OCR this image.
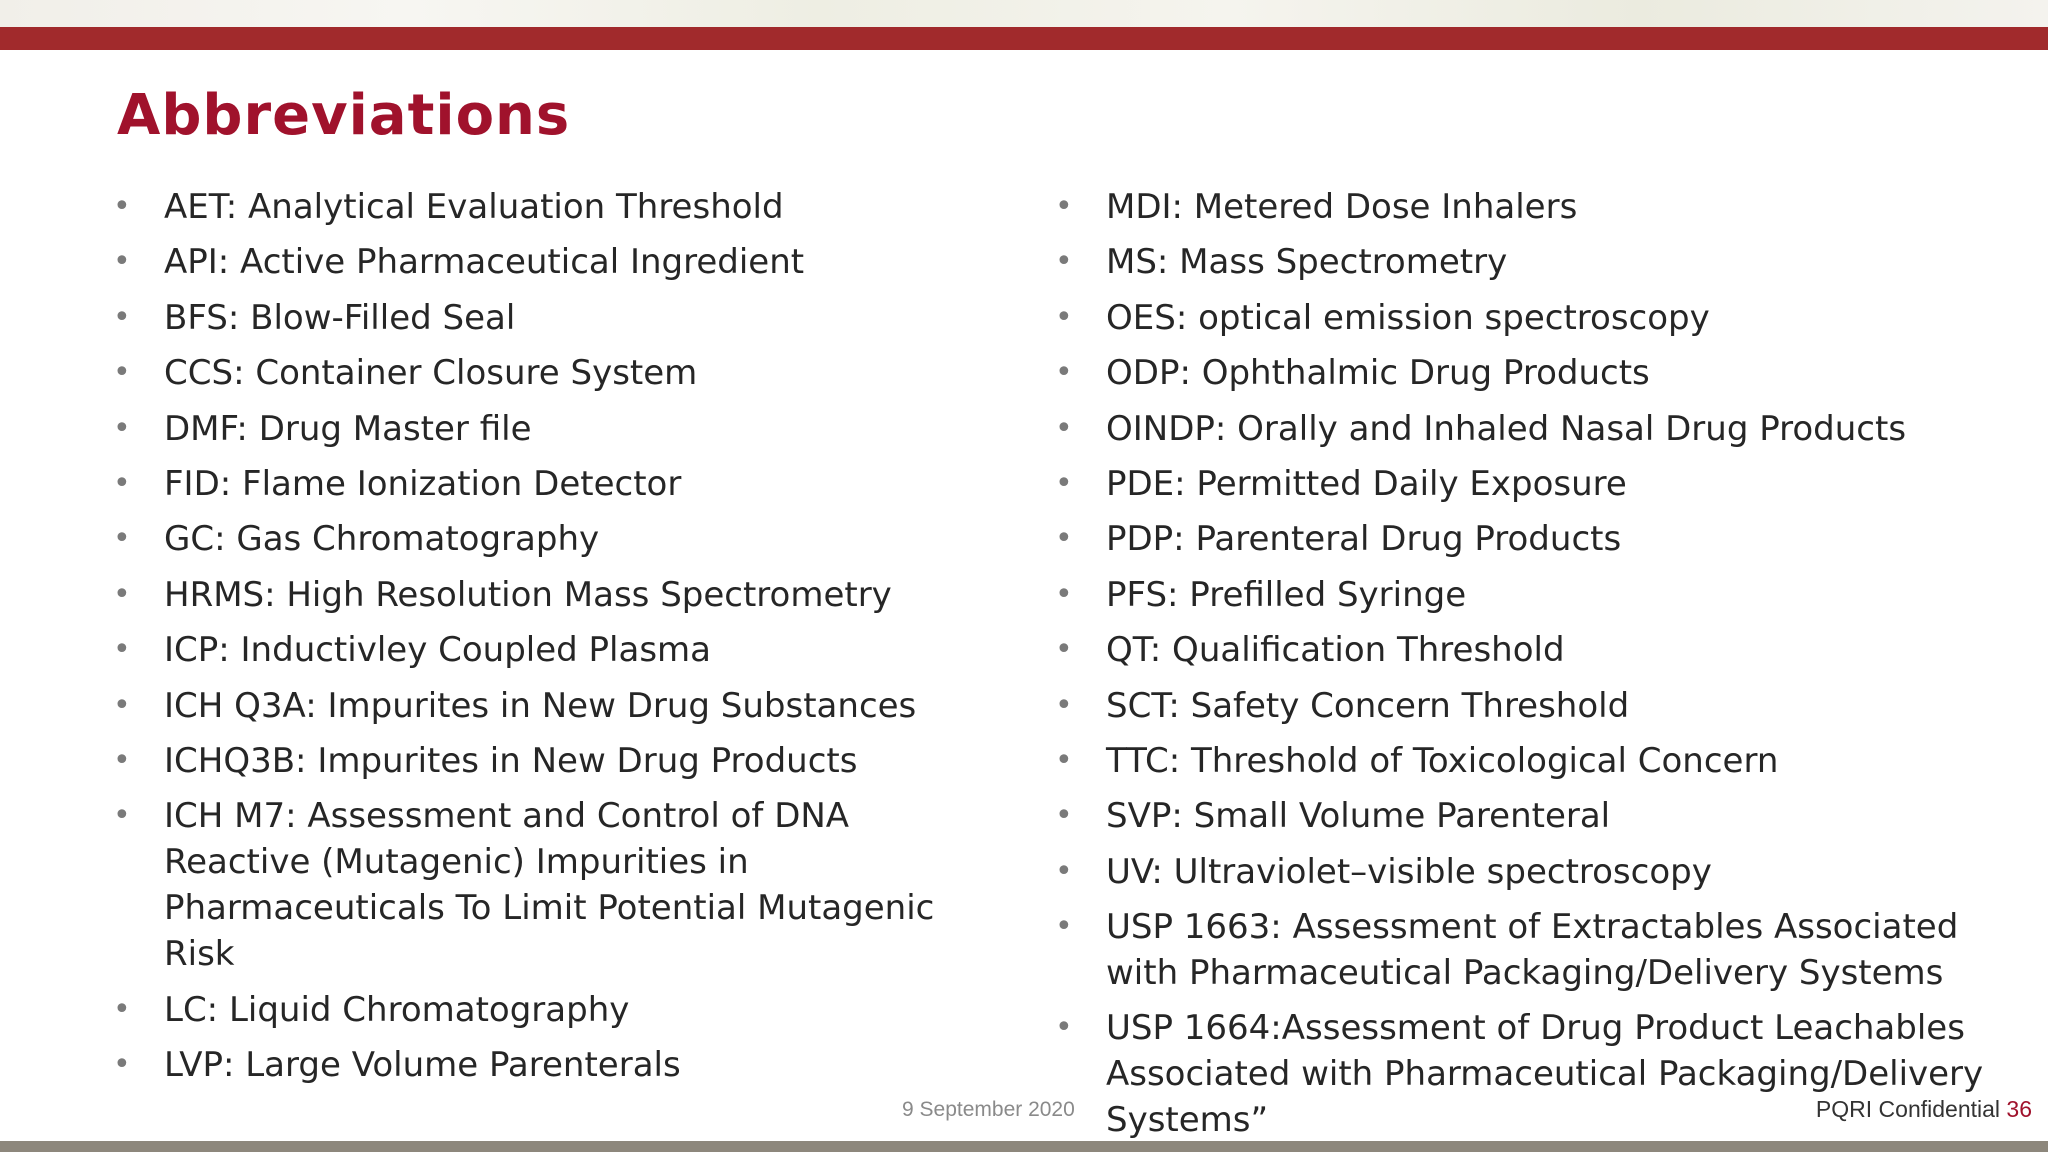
Abbreviations
• AET: Analytical Evaluation Threshold
• API: Active Pharmaceutical Ingredient
• BFS: Blow-Filled Seal
• CCS: Container Closure System
• DMF: Drug Master file
• FID: Flame Ionization Detector
• GC: Gas Chromatography
• HRMS: High Resolution Mass Spectrometry
• ICP: Inductivley Coupled Plasma
• ICH Q3A: Impurites in New Drug Substances
• ICHQ3B: Impurites in New Drug Products
• ICH M7: Assessment and Control of DNA Reactive (Mutagenic) Impurities in Pharmaceuticals To Limit Potential Mutagenic Risk
• LC: Liquid Chromatography
• LVP: Large Volume Parenterals
• MDI: Metered Dose Inhalers
• MS: Mass Spectrometry
• OES: optical emission spectroscopy
• ODP: Ophthalmic Drug Products
• OINDP: Orally and Inhaled Nasal Drug Products
• PDE: Permitted Daily Exposure
• PDP: Parenteral Drug Products
• PFS: Prefilled Syringe
• QT: Qualification Threshold
• SCT: Safety Concern Threshold
• TTC: Threshold of Toxicological Concern
• SVP: Small Volume Parenteral
• UV: Ultraviolet–visible spectroscopy
• USP 1663: Assessment of Extractables Associated with Pharmaceutical Packaging/Delivery Systems
• USP 1664:Assessment of Drug Product Leachables Associated with Pharmaceutical Packaging/Delivery Systems”
9 September 2020	PQRI Confidential 36
